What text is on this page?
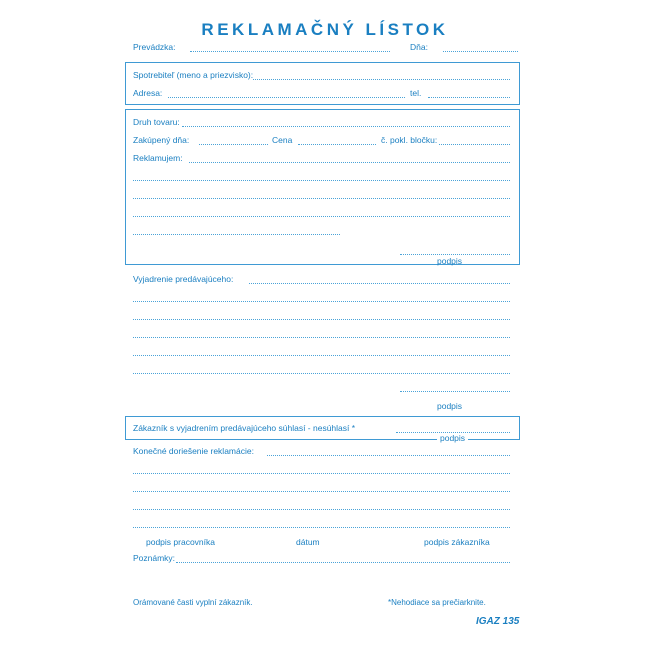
REKLAMAČNÝ LÍSTOK
Prevádzka:	Dňa:
Spotrebiteľ (meno a priezvisko):
Adresa:	tel.
Druh tovaru:
Zakúpený dňa:	Cena	č. pokl. bločku:
Reklamujem:
podpis
Vyjadrenie predávajúceho:
podpis
Zákazník s vyjadrením predávajúceho súhlasí - nesúhlasí *
podpis
Konečné doriešenie reklamácie:
podpis pracovníka	dátum	podpis zákazníka
Poznámky:
Orámované časti vyplní zákazník.	*Nehodiace sa prečiarknite.
IGAZ 135
